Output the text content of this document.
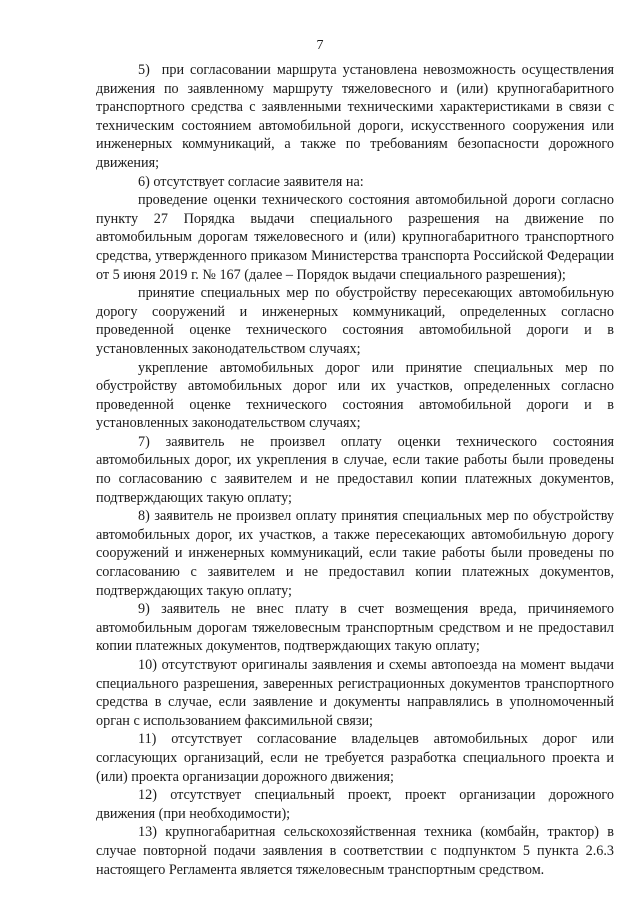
7

5)  при согласовании маршрута установлена невозможность осуществления движения по заявленному маршруту тяжеловесного и (или) крупногабаритного транспортного средства с заявленными техническими характеристиками в связи с техническим состоянием автомобильной дороги, искусственного сооружения или инженерных коммуникаций, а также по требованиям безопасности дорожного движения;

6) отсутствует согласие заявителя на:

проведение оценки технического состояния автомобильной дороги согласно пункту 27 Порядка выдачи специального разрешения на движение по автомобильным дорогам тяжеловесного и (или) крупногабаритного транспортного средства, утвержденного приказом Министерства транспорта Российской Федерации от 5 июня 2019 г. № 167 (далее – Порядок выдачи специального разрешения);

принятие специальных мер по обустройству пересекающих автомобильную дорогу сооружений и инженерных коммуникаций, определенных согласно проведенной оценке технического состояния автомобильной дороги и в установленных законодательством случаях;

укрепление автомобильных дорог или принятие специальных мер по обустройству автомобильных дорог или их участков, определенных согласно проведенной оценке технического состояния автомобильной дороги и в установленных законодательством случаях;

7) заявитель не произвел оплату оценки технического состояния автомобильных дорог, их укрепления в случае, если такие работы были проведены по согласованию с заявителем и не предоставил копии платежных документов, подтверждающих такую оплату;

8) заявитель не произвел оплату принятия специальных мер по обустройству автомобильных дорог, их участков, а также пересекающих автомобильную дорогу сооружений и инженерных коммуникаций, если такие работы были проведены по согласованию с заявителем и не предоставил копии платежных документов, подтверждающих такую оплату;

9) заявитель не внес плату в счет возмещения вреда, причиняемого автомобильным дорогам тяжеловесным транспортным средством и не предоставил копии платежных документов, подтверждающих такую оплату;

10) отсутствуют оригиналы заявления и схемы автопоезда на момент выдачи специального разрешения, заверенных регистрационных документов транспортного средства в случае, если заявление и документы направлялись в уполномоченный орган с использованием факсимильной связи;

11) отсутствует согласование владельцев автомобильных дорог или согласующих организаций, если не требуется разработка специального проекта и (или) проекта организации дорожного движения;

12) отсутствует специальный проект, проект организации дорожного движения (при необходимости);

13) крупногабаритная сельскохозяйственная техника (комбайн, трактор) в случае повторной подачи заявления в соответствии с подпунктом 5 пункта 2.6.3 настоящего Регламента является тяжеловесным транспортным средством.
